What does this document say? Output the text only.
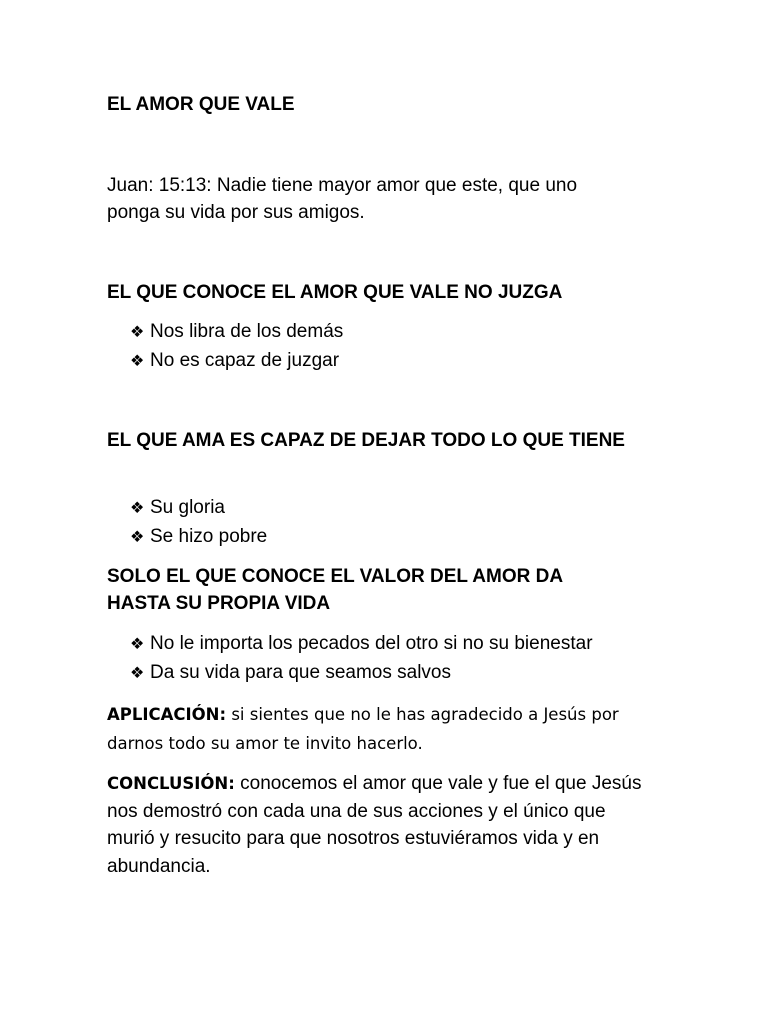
EL AMOR QUE VALE
Juan: 15:13: Nadie tiene mayor amor que este, que uno ponga su vida por sus amigos.
EL QUE CONOCE EL AMOR QUE VALE NO JUZGA
❖ Nos libra de los demás
❖ No es capaz de juzgar
EL QUE AMA ES CAPAZ DE DEJAR TODO LO QUE TIENE
❖ Su gloria
❖ Se hizo pobre
SOLO EL QUE CONOCE EL VALOR DEL AMOR DA HASTA SU PROPIA VIDA
❖ No le importa los pecados del otro si no su bienestar
❖ Da su vida para que seamos salvos

APLICACIÓN: si sientes que no le has agradecido a Jesús por darnos todo su amor te invito hacerlo.

CONCLUSIÓN: conocemos el amor que vale y fue el que Jesús nos demostró con cada una de sus acciones y el único que murió y resucito para que nosotros estuviéramos vida y en abundancia.
